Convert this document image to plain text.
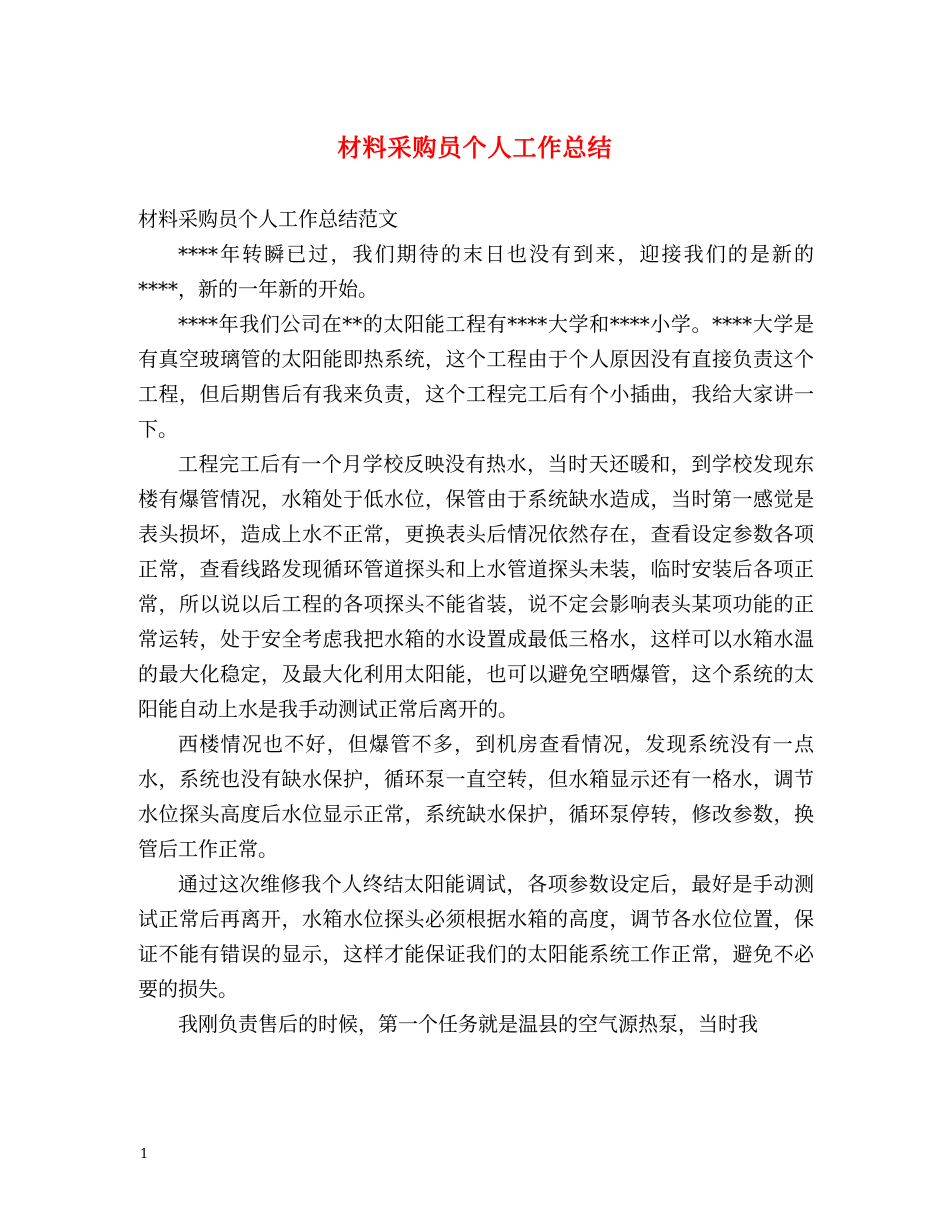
材料采购员个人工作总结

材料采购员个人工作总结范文

****年转瞬已过，我们期待的末日也没有到来，迎接我们的是新的****，新的一年新的开始。

****年我们公司在**的太阳能工程有****大学和****小学。****大学是有真空玻璃管的太阳能即热系统，这个工程由于个人原因没有直接负责这个工程，但后期售后有我来负责，这个工程完工后有个小插曲，我给大家讲一下。

工程完工后有一个月学校反映没有热水，当时天还暖和，到学校发现东楼有爆管情况，水箱处于低水位，保管由于系统缺水造成，当时第一感觉是表头损坏，造成上水不正常，更换表头后情况依然存在，查看设定参数各项正常，查看线路发现循环管道探头和上水管道探头未装，临时安装后各项正常，所以说以后工程的各项探头不能省装，说不定会影响表头某项功能的正常运转，处于安全考虑我把水箱的水设置成最低三格水，这样可以水箱水温的最大化稳定，及最大化利用太阳能，也可以避免空晒爆管，这个系统的太阳能自动上水是我手动测试正常后离开的。

西楼情况也不好，但爆管不多，到机房查看情况，发现系统没有一点水，系统也没有缺水保护，循环泵一直空转，但水箱显示还有一格水，调节水位探头高度后水位显示正常，系统缺水保护，循环泵停转，修改参数，换管后工作正常。

通过这次维修我个人终结太阳能调试，各项参数设定后，最好是手动测试正常后再离开，水箱水位探头必须根据水箱的高度，调节各水位位置，保证不能有错误的显示，这样才能保证我们的太阳能系统工作正常，避免不必要的损失。

我刚负责售后的时候，第一个任务就是温县的空气源热泵，当时我

1
